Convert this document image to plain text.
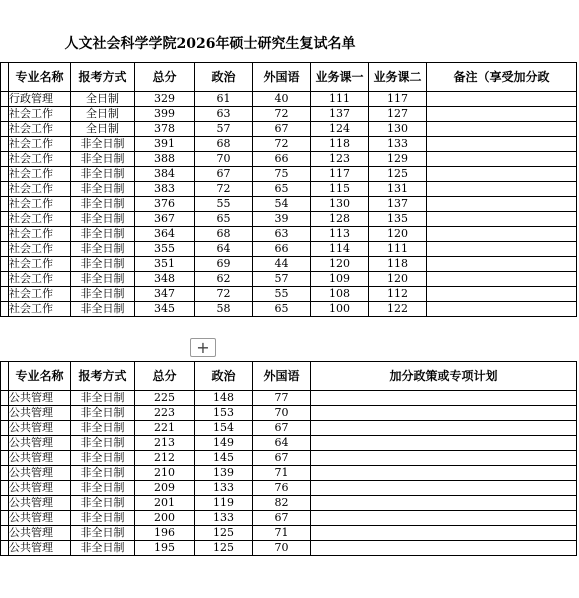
人文社会科学学院2026年硕士研究生复试名单
	专业名称	报考方式	总分	政治	外国语	业务课一	业务课二	备注（享受加分政
	行政管理	全日制	329	61	40	111	117	
	社会工作	全日制	399	63	72	137	127	
	社会工作	全日制	378	57	67	124	130	
	社会工作	非全日制	391	68	72	118	133	
	社会工作	非全日制	388	70	66	123	129	
	社会工作	非全日制	384	67	75	117	125	
	社会工作	非全日制	383	72	65	115	131	
	社会工作	非全日制	376	55	54	130	137	
	社会工作	非全日制	367	65	39	128	135	
	社会工作	非全日制	364	68	63	113	120	
	社会工作	非全日制	355	64	66	114	111	
	社会工作	非全日制	351	69	44	120	118	
	社会工作	非全日制	348	62	57	109	120	
	社会工作	非全日制	347	72	55	108	112	
	社会工作	非全日制	345	58	65	100	122	
+
	专业名称	报考方式	总分	政治	外国语	加分政策或专项计划
	公共管理	非全日制	225	148	77	
	公共管理	非全日制	223	153	70	
	公共管理	非全日制	221	154	67	
	公共管理	非全日制	213	149	64	
	公共管理	非全日制	212	145	67	
	公共管理	非全日制	210	139	71	
	公共管理	非全日制	209	133	76	
	公共管理	非全日制	201	119	82	
	公共管理	非全日制	200	133	67	
	公共管理	非全日制	196	125	71	
	公共管理	非全日制	195	125	70	
